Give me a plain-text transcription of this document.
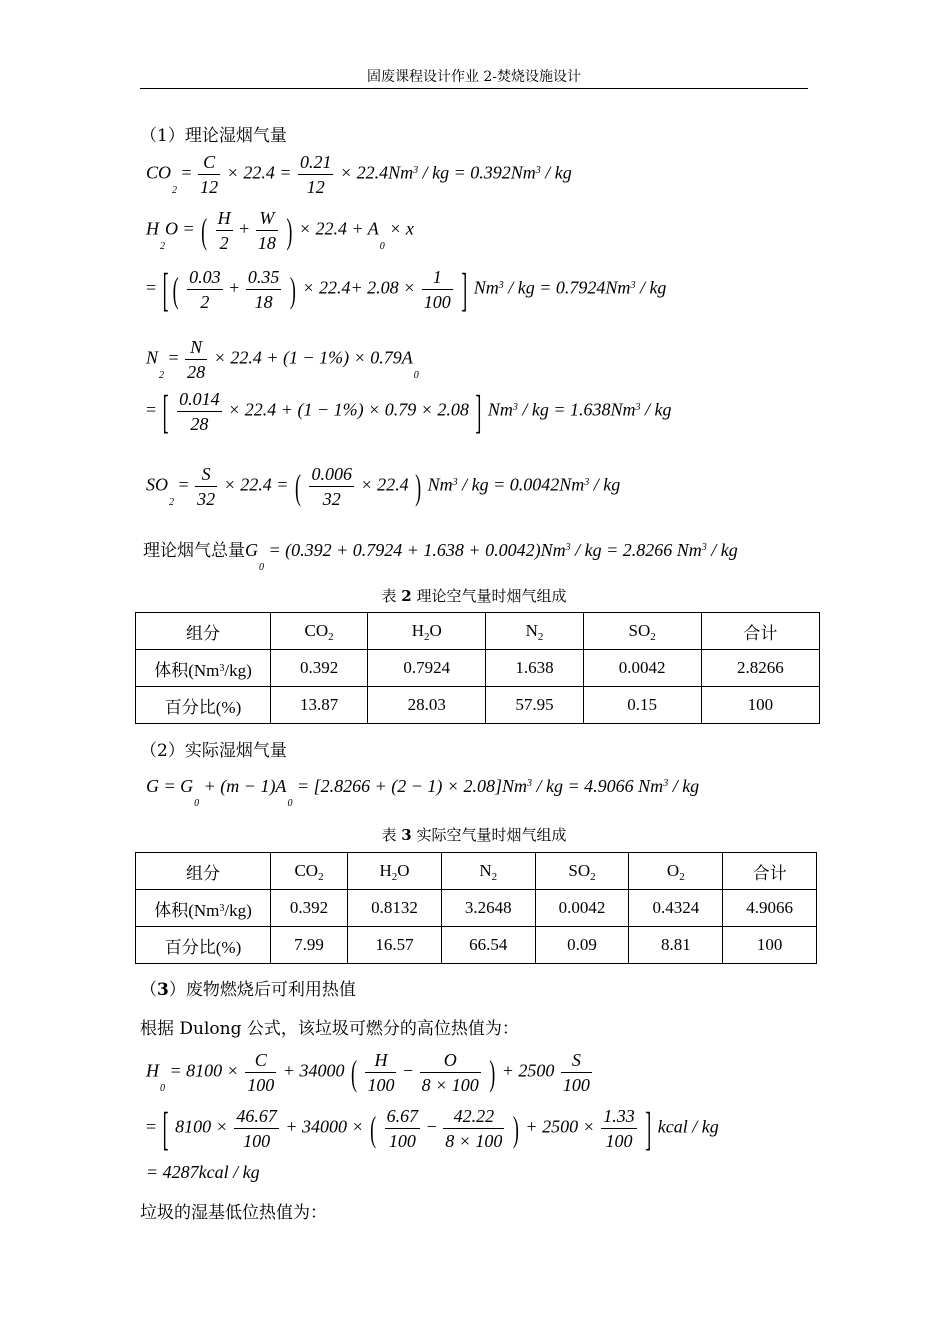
固废课程设计作业 2-焚烧设施设计
（1）理论湿烟气量
$CO_2 = \frac{C}{12} \times 22.4 = \frac{0.21}{12} \times 22.4Nm^3$ / kg = $0.392Nm^3$ / kg
$H_2O$ = ( $\frac{H}{2} + \frac{W}{18}$ ) × $22.4 + A_0 \times x$
= [ ( $\frac{0.03}{2} + \frac{0.35}{18}$ ) × $22.4+ 2.08 \times \frac{1}{100}$ ] Nm$^3$ / kg = $0.7924Nm^3$ / kg
$N_2 = \frac{N}{28} \times 22.4 + (1 - 1\%) \times 0.79A_0$
= [ $\frac{0.014}{28} \times 22.4 + (1 - 1\%) \times 0.79 \times 2.08$ ] Nm$^3$ / kg = $1.638Nm^3$ / kg
$SO_2 = \frac{S}{32} \times 22.4$ = ( $\frac{0.006}{32} \times 22.4$ ) Nm$^3$ / kg = $0.0042Nm^3$ / kg
理论烟气总量$G_0 = (0.392 + 0.7924 + 1.638 + 0.0042)Nm^3$ / kg = 2.8266 Nm$^3$ / kg
表 2 理论空气量时烟气组成
组分	$CO_2$	$H_2O$	$N_2$	$SO_2$	合计
体积(Nm$^3$/kg)	0.392	0.7924	1.638	0.0042	2.8266
百分比(%)	13.87	28.03	57.95	0.15	100
（2）实际湿烟气量
$G = G_0 + (m - 1)A_0 = [2.8266 + (2 - 1) \times 2.08]Nm^3$ / kg = 4.9066 Nm$^3$ / kg
表 3 实际空气量时烟气组成
组分	$CO_2$	$H_2O$	$N_2$	$SO_2$	$O_2$	合计
体积(Nm$^3$/kg)	0.392	0.8132	3.2648	0.0042	0.4324	4.9066
百分比(%)	7.99	16.57	66.54	0.09	8.81	100
（3）废物燃烧后可利用热值
根据 Dulong 公式，该垃圾可燃分的高位热值为：
$H_0 = 8100 \times \frac{C}{100} + 34000$ ( $\frac{H}{100} - \frac{O}{8 \times 100}$ ) + $2500 \frac{S}{100}$
= [ $8100 \times \frac{46.67}{100} + 34000$ × ( $\frac{6.67}{100} - \frac{42.22}{8 \times 100}$ ) + $2500 \times \frac{1.33}{100}$ ] kcal / kg
= 4287kcal / kg
垃圾的湿基低位热值为：
